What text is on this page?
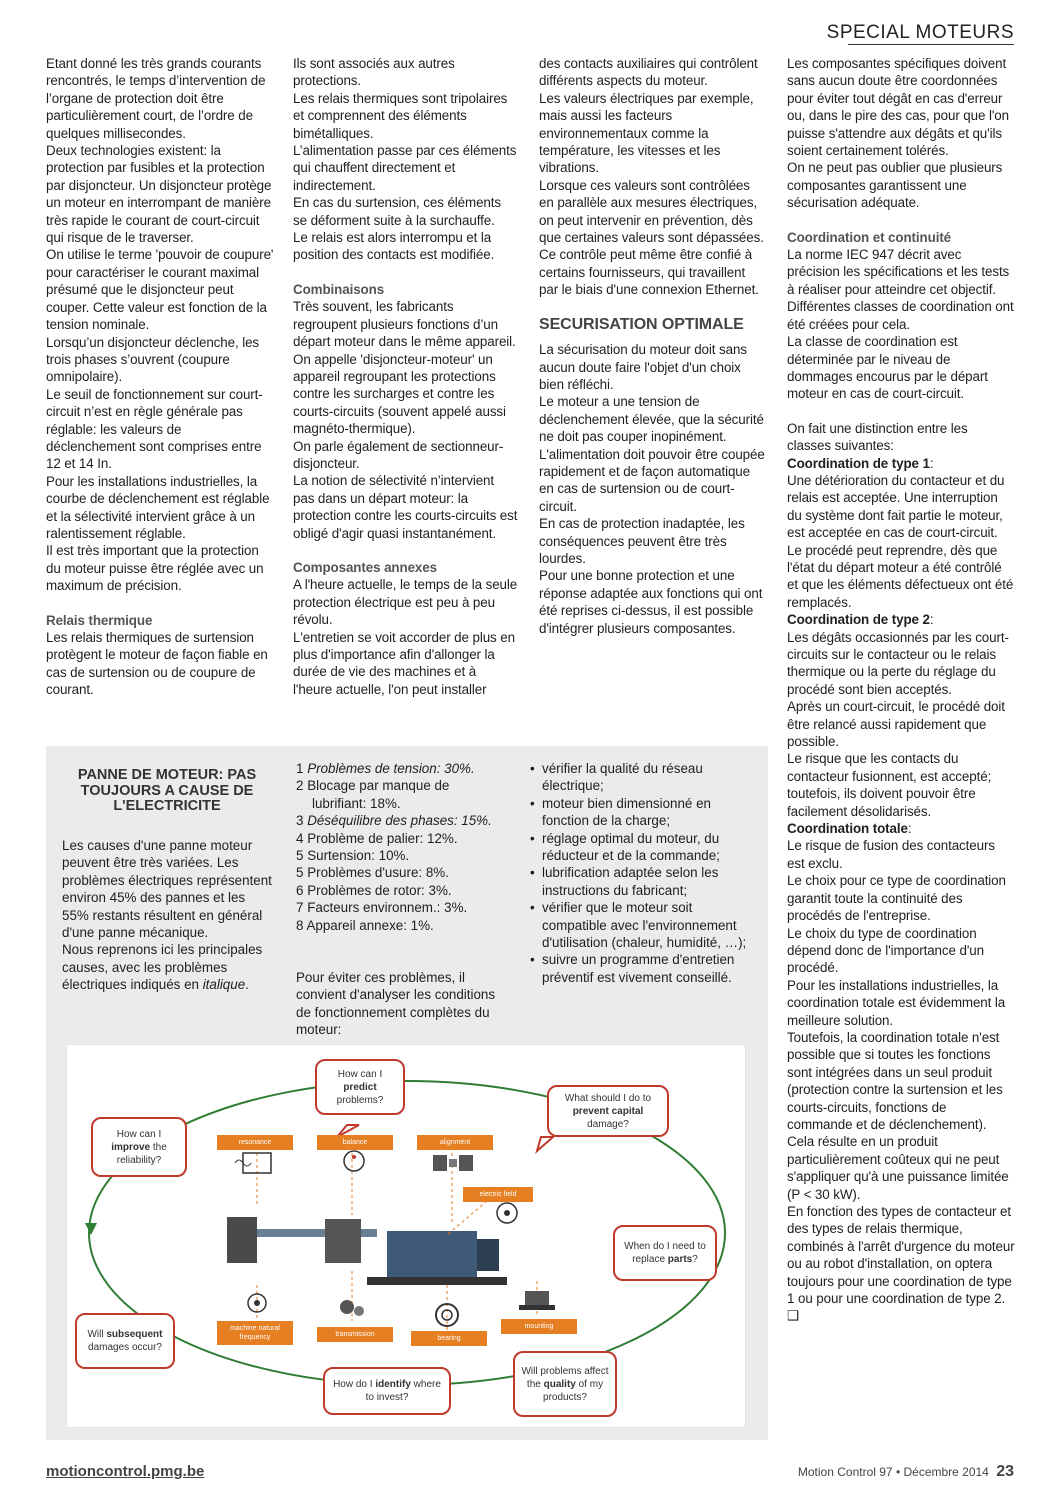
SPECIAL MOTEURS

Etant donné les très grands courants rencontrés, le temps d’intervention de l’organe de protection doit être particulièrement court, de l’ordre de quelques millisecondes.

Deux technologies existent: la protection par fusibles et la protection par disjoncteur. Un disjoncteur protège un moteur en interrompant de manière très rapide le courant de court-circuit qui risque de le traverser.

On utilise le terme 'pouvoir de coupure' pour caractériser le courant maximal présumé que le disjoncteur peut couper. Cette valeur est fonction de la tension nominale.

Lorsqu’un disjoncteur déclenche, les trois phases s’ouvrent (coupure omnipolaire).

Le seuil de fonctionnement sur court-circuit n’est en règle générale pas réglable: les valeurs de déclenchement sont comprises entre 12 et 14 In.

Pour les installations industrielles, la courbe de déclenchement est réglable et la sélectivité intervient grâce à un ralentissement réglable.

Il est très important que la protection du moteur puisse être réglée avec un maximum de précision.

Relais thermique

Les relais thermiques de surtension protègent le moteur de façon fiable en cas de surtension ou de coupure de courant.

Ils sont associés aux autres protections.

Les relais thermiques sont tripolaires et comprennent des éléments bimétalliques.

L’alimentation passe par ces éléments qui chauffent directement et indirectement.

En cas du surtension, ces éléments se déforment suite à la surchauffe.

Le relais est alors interrompu et la position des contacts est modifiée.

Combinaisons

Très souvent, les fabricants regroupent plusieurs fonctions d’un départ moteur dans le même appareil.

On appelle 'disjoncteur-moteur' un appareil regroupant les protections contre les surcharges et contre les courts-circuits (souvent appelé aussi magnéto-thermique).

On parle également de sectionneur-disjoncteur.

La notion de sélectivité n’intervient pas dans un départ moteur: la protection contre les courts-circuits est obligé d'agir quasi instantanément.

Composantes annexes

A l'heure actuelle, le temps de la seule protection électrique est peu à peu révolu.

L'entretien se voit accorder de plus en plus d'importance afin d'allonger la durée de vie des machines et à l'heure actuelle, l'on peut installer

des contacts auxiliaires qui contrôlent différents aspects du moteur.

Les valeurs électriques par exemple, mais aussi les facteurs environnementaux comme la température, les vitesses et les vibrations.

Lorsque ces valeurs sont contrôlées en parallèle aux mesures électriques, on peut intervenir en prévention, dès que certaines valeurs sont dépassées.

Ce contrôle peut même être confié à certains fournisseurs, qui travaillent par le biais d'une connexion Ethernet.

SECURISATION OPTIMALE

La sécurisation du moteur doit sans aucun doute faire l'objet d'un choix bien réfléchi.

Le moteur a une tension de déclenchement élevée, que la sécurité ne doit pas couper inopinément.

L'alimentation doit pouvoir être coupée rapidement et de façon automatique en cas de surtension ou de court-circuit.

En cas de protection inadaptée, les conséquences peuvent être très lourdes.

Pour une bonne protection et une réponse adaptée aux fonctions qui ont été reprises ci-dessus, il est possible d'intégrer plusieurs composantes.

Les composantes spécifiques doivent sans aucun doute être coordonnées pour éviter tout dégât en cas d'erreur ou, dans le pire des cas, pour que l'on puisse s'attendre aux dégâts et qu'ils soient certainement tolérés.

On ne peut pas oublier que plusieurs composantes garantissent une sécurisation adéquate.

Coordination et continuité

La norme IEC 947 décrit avec précision les spécifications et les tests à réaliser pour atteindre cet objectif.

Différentes classes de coordination ont été créées pour cela.

La classe de coordination est déterminée par le niveau de dommages encourus par le départ moteur en cas de court-circuit.

On fait une distinction entre les classes suivantes:

Coordination de type 1:

Une détérioration du contacteur et du relais est acceptée. Une interruption du système dont fait partie le moteur, est acceptée en cas de court-circuit.

Le procédé peut reprendre, dès que l'état du départ moteur a été contrôlé et que les éléments défectueux ont été remplacés.

Coordination de type 2:

Les dégâts occasionnés par les court-circuits sur le contacteur ou le relais thermique ou la perte du réglage du procédé sont bien acceptés.

Après un court-circuit, le procédé doit être relancé aussi rapidement que possible.

Le risque que les contacts du contacteur fusionnent, est accepté; toutefois, ils doivent pouvoir être facilement désolidarisés.

Coordination totale:

Le risque de fusion des contacteurs est exclu.

Le choix pour ce type de coordination garantit toute la continuité des procédés de l'entreprise.

Le choix du type de coordination dépend donc de l'importance d'un procédé.

Pour les installations industrielles, la coordination totale est évidemment la meilleure solution.

Toutefois, la coordination totale n'est possible que si toutes les fonctions sont intégrées dans un seul produit (protection contre la surtension et les courts-circuits, fonctions de commande et de déclenchement).

Cela résulte en un produit particulièrement coûteux qui ne peut s'appliquer qu'à une puissance limitée (P < 30 kW).

En fonction des types de contacteur et des types de relais thermique, combinés à l'arrêt d'urgence du moteur ou au robot d'installation, on optera toujours pour une coordination de type 1 ou pour une coordination de type 2. ❑

PANNE DE MOTEUR: PAS TOUJOURS A CAUSE DE L'ELECTRICITE

Les causes d'une panne moteur peuvent être très variées. Les problèmes électriques représentent environ 45% des pannes et les 55% restants résultent en général d'une panne mécanique.

Nous reprenons ici les principales causes, avec les problèmes électriques indiqués en italique.

1 Problèmes de tension: 30%.
2 Blocage par manque de lubrifiant: 18%.
3 Déséquilibre des phases: 15%.
4 Problème de palier: 12%.
5 Surtension: 10%.
5 Problèmes d'usure: 8%.
6 Problèmes de rotor: 3%.
7 Facteurs environnem.: 3%.
8 Appareil annexe: 1%.
Pour éviter ces problèmes, il convient d'analyser les conditions de fonctionnement complètes du moteur:
• vérifier la qualité du réseau électrique;
• moteur bien dimensionné en fonction de la charge;
• réglage optimal du moteur, du réducteur et de la commande;
• lubrification adaptée selon les instructions du fabricant;
• vérifier que le moteur soit compatible avec l'environnement d'utilisation (chaleur, humidité, …);
• suivre un programme d'entretien préventif est vivement conseillé.
How can I predict problems?	What should I do to prevent capital damage?
How can I improve the reliability?
When do I need to replace parts?
Will subsequent damages occur?
How do I identify where to invest?
Will problems affect the quality of my products?
resonance	balance	alignment
electric field
machine natural frequency	transmission
bearing
mounting
motioncontrol.pmg.be	Motion Control 97 • Décembre 2014 23
